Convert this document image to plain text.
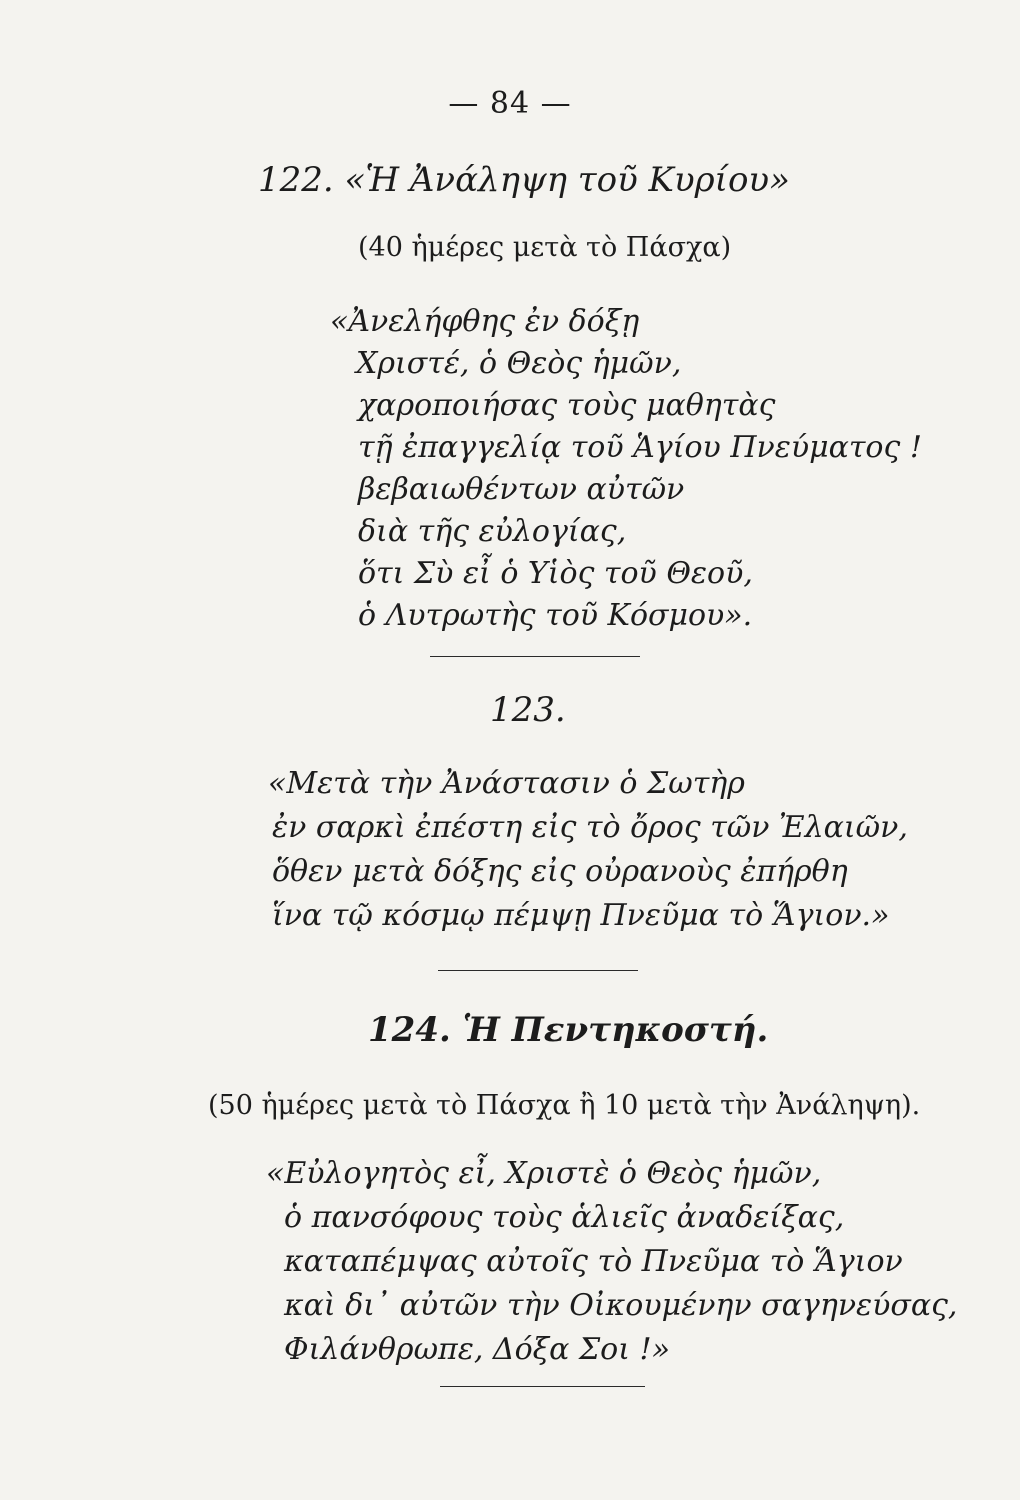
— 84 —
122. «Ἡ Ἀνάληψη τοῦ Κυρίου»
(40 ἡμέρες μετὰ τὸ Πάσχα)
«Ἀνελήφθης ἐν δόξῃ
Χριστέ, ὁ Θεὸς ἡμῶν,
χαροποιήσας τοὺς μαθητὰς
τῇ ἐπαγγελίᾳ τοῦ Ἁγίου Πνεύματος !
βεβαιωθέντων αὐτῶν
διὰ τῆς εὐλογίας,
ὅτι Σὺ εἶ ὁ Υἱὸς τοῦ Θεοῦ,
ὁ Λυτρωτὴς τοῦ Κόσμου».
123.
«Μετὰ τὴν Ἀνάστασιν ὁ Σωτὴρ
ἐν σαρκὶ ἐπέστη εἰς τὸ ὄρος τῶν Ἐλαιῶν,
ὅθεν μετὰ δόξης εἰς οὐρανοὺς ἐπήρθη
ἵνα τῷ κόσμῳ πέμψῃ Πνεῦμα τὸ Ἅγιον.»
124. Ἡ Πεντηκοστή.
(50 ἡμέρες μετὰ τὸ Πάσχα ἢ 10 μετὰ τὴν Ἀνάληψη).
«Εὐλογητὸς εἶ, Χριστὲ ὁ Θεὸς ἡμῶν,
ὁ πανσόφους τοὺς ἁλιεῖς ἀναδείξας,
καταπέμψας αὐτοῖς τὸ Πνεῦμα τὸ Ἅγιον
καὶ δι᾽ αὐτῶν τὴν Οἰκουμένην σαγηνεύσας,
Φιλάνθρωπε, Δόξα Σοι !»
